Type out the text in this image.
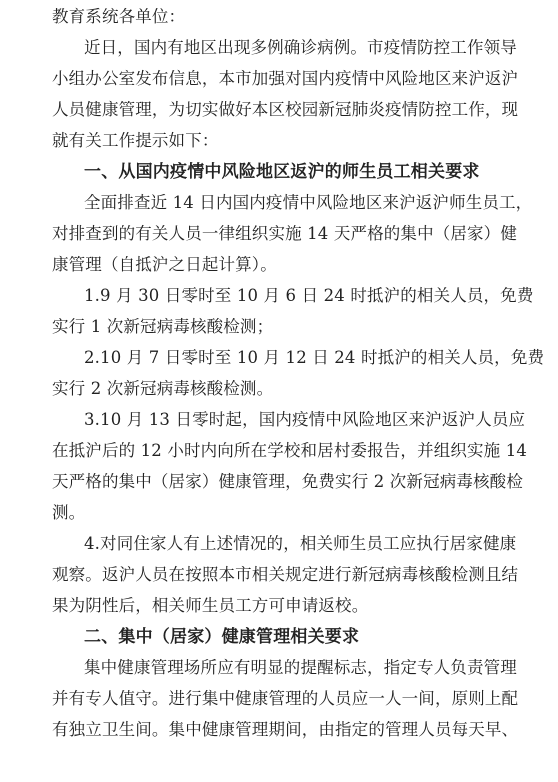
教育系统各单位：
近日，国内有地区出现多例确诊病例。市疫情防控工作领导
小组办公室发布信息，本市加强对国内疫情中风险地区来沪返沪
人员健康管理，为切实做好本区校园新冠肺炎疫情防控工作，现
就有关工作提示如下：
一、从国内疫情中风险地区返沪的师生员工相关要求
全面排查近 14 日内国内疫情中风险地区来沪返沪师生员工，
对排查到的有关人员一律组织实施 14 天严格的集中（居家）健
康管理（自抵沪之日起计算）。
1.9 月 30 日零时至 10 月 6 日 24 时抵沪的相关人员，免费
实行 1 次新冠病毒核酸检测；
2.10 月 7 日零时至 10 月 12 日 24 时抵沪的相关人员，免费
实行 2 次新冠病毒核酸检测。
3.10 月 13 日零时起，国内疫情中风险地区来沪返沪人员应
在抵沪后的 12 小时内向所在学校和居村委报告，并组织实施 14
天严格的集中（居家）健康管理，免费实行 2 次新冠病毒核酸检
测。
4.对同住家人有上述情况的，相关师生员工应执行居家健康
观察。返沪人员在按照本市相关规定进行新冠病毒核酸检测且结
果为阴性后，相关师生员工方可申请返校。
二、集中（居家）健康管理相关要求
集中健康管理场所应有明显的提醒标志，指定专人负责管理
并有专人值守。进行集中健康管理的人员应一人一间，原则上配
有独立卫生间。集中健康管理期间，由指定的管理人员每天早、
